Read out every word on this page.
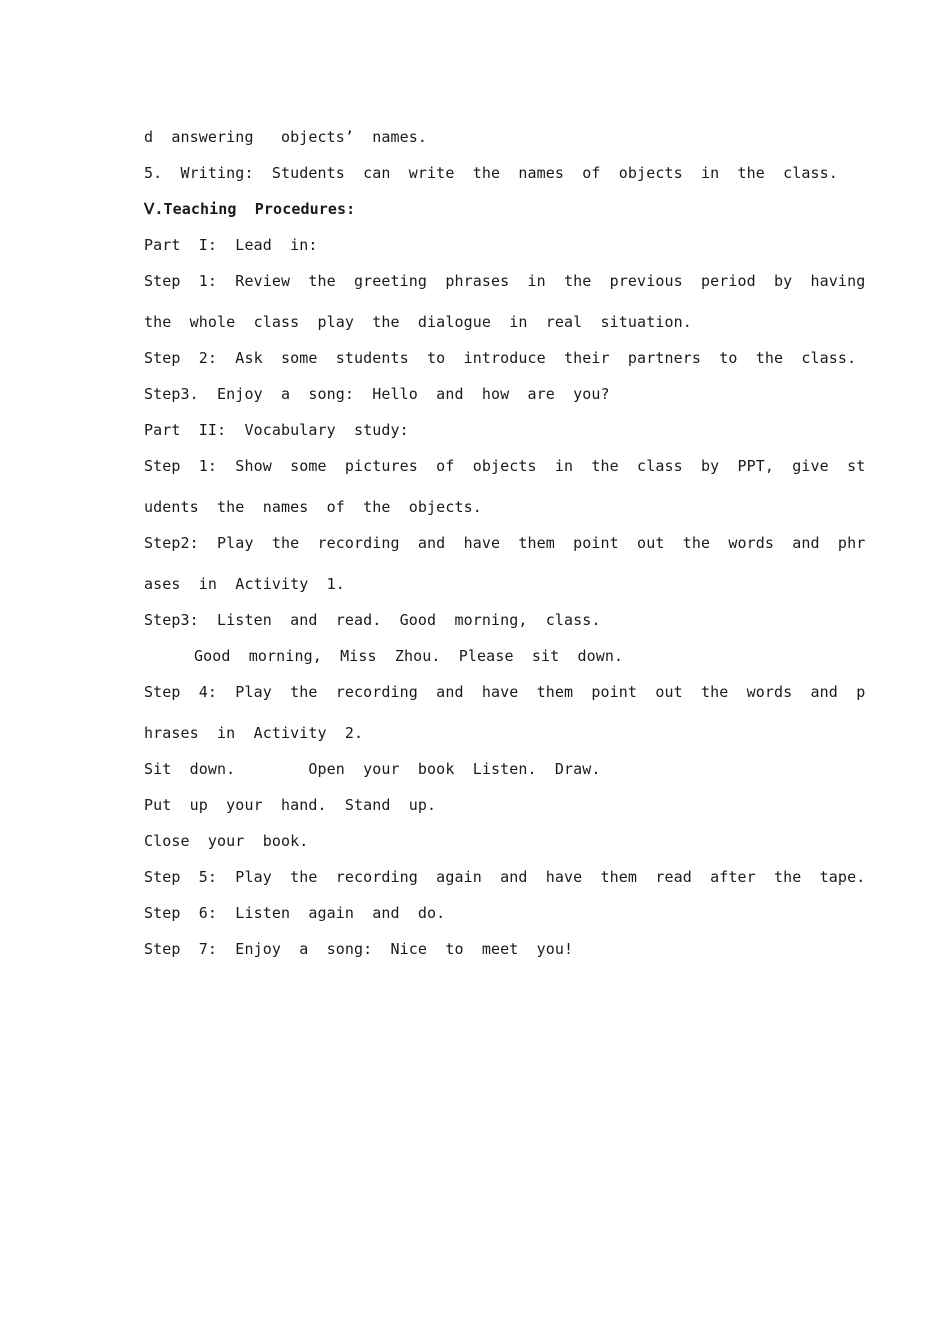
d  answering   objects’  names.
5.  Writing:  Students  can  write  the  names  of  objects  in  the  class.
Ⅴ.Teaching  Procedures:
Part  I:  Lead  in:
Step  1:  Review  the  greeting  phrases  in  the  previous  period  by  having
the  whole  class  play  the  dialogue  in  real  situation.
Step  2:  Ask  some  students  to  introduce  their  partners  to  the  class.
Step3.  Enjoy  a  song:  Hello  and  how  are  you?
Part  II:  Vocabulary  study:
Step  1:  Show  some  pictures  of  objects  in  the  class  by  PPT,  give  st
udents  the  names  of  the  objects.
Step2:  Play  the  recording  and  have  them  point  out  the  words  and  phr
ases  in  Activity  1.
Step3:  Listen  and  read.  Good  morning,  class.
Good  morning,  Miss  Zhou.  Please  sit  down.
Step  4:  Play  the  recording  and  have  them  point  out  the  words  and  p
hrases  in  Activity  2.
Sit  down.        Open  your  book  Listen.  Draw.
Put  up  your  hand.  Stand  up.
Close  your  book.
Step  5:  Play  the  recording  again  and  have  them  read  after  the  tape.
Step  6:  Listen  again  and  do.
Step  7:  Enjoy  a  song:  Nice  to  meet  you!
